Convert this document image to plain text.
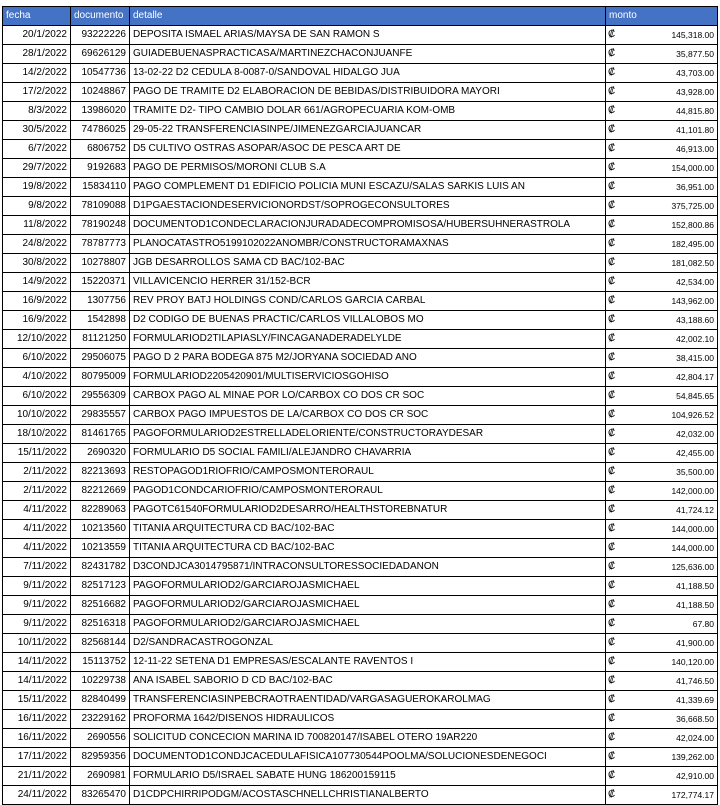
fecha	documento	detalle	monto
20/1/2022	93222226	DEPOSITA ISMAEL ARIAS/MAYSA DE SAN RAMON S	₡ 145,318.00

28/1/2022	69626129	GUIADEBUENASPRACTICASA/MARTINEZCHACONJUANFE	₡ 35,877.50

14/2/2022	10547736	13-02-22 D2 CEDULA 8-0087-0/SANDOVAL HIDALGO JUA	₡ 43,703.00

17/2/2022	10248867	PAGO DE TRAMITE D2 ELABORACION DE BEBIDAS/DISTRIBUIDORA MAYORI	₡ 43,928.00

8/3/2022	13986020	TRAMITE D2- TIPO CAMBIO DOLAR 661/AGROPECUARIA KOM-OMB	₡ 44,815.80

30/5/2022	74786025	29-05-22 TRANSFERENCIASINPE/JIMENEZGARCIAJUANCAR	₡ 41,101.80

6/7/2022	6806752	D5 CULTIVO OSTRAS ASOPAR/ASOC DE PESCA ART DE	₡ 46,913.00

29/7/2022	9192683	PAGO DE PERMISOS/MORONI CLUB S.A	₡ 154,000.00

19/8/2022	15834110	PAGO COMPLEMENT D1 EDIFICIO POLICIA MUNI ESCAZU/SALAS SARKIS LUIS AN	₡ 36,951.00

9/8/2022	78109088	D1PGAESTACIONDESERVICIONORDST/SOPROGECONSULTORES	₡ 375,725.00

11/8/2022	78190248	DOCUMENTOD1CONDECLARACIONJURADADECOMPROMISOSA/HUBERSUHNERASTROLA	₡ 152,800.86

24/8/2022	78787773	PLANOCATASTRO5199102022ANOMBR/CONSTRUCTORAMAXNAS	₡ 182,495.00

30/8/2022	10278807	JGB DESARROLLOS SAMA CD BAC/102-BAC	₡ 181,082.50

14/9/2022	15220371	VILLAVICENCIO HERRER 31/152-BCR	₡ 42,534.00

16/9/2022	1307756	REV PROY BATJ HOLDINGS COND/CARLOS GARCIA CARBAL	₡ 143,962.00

16/9/2022	1542898	D2 CODIGO DE BUENAS PRACTIC/CARLOS VILLALOBOS MO	₡ 43,188.60

12/10/2022	81121250	FORMULARIOD2TILAPIASLY/FINCAGANADERADELYLDE	₡ 42,002.10

6/10/2022	29506075	PAGO D 2 PARA BODEGA 875 M2/JORYANA SOCIEDAD ANO	₡ 38,415.00

4/10/2022	80795009	FORMULARIOD2205420901/MULTISERVICIOSGOHISO	₡ 42,804.17

6/10/2022	29556309	CARBOX PAGO AL MINAE POR LO/CARBOX CO DOS CR SOC	₡ 54,845.65

10/10/2022	29835557	CARBOX PAGO IMPUESTOS DE LA/CARBOX CO DOS CR SOC	₡ 104,926.52

18/10/2022	81461765	PAGOFORMULARIOD2ESTRELLADELORIENTE/CONSTRUCTORAYDESAR	₡ 42,032.00

15/11/2022	2690320	FORMULARIO D5 SOCIAL FAMILI/ALEJANDRO CHAVARRIA	₡ 42,455.00

2/11/2022	82213693	RESTOPAGOD1RIOFRIO/CAMPOSMONTERORAUL	₡ 35,500.00

2/11/2022	82212669	PAGOD1CONDCARIOFRIO/CAMPOSMONTERORAUL	₡ 142,000.00

4/11/2022	82289063	PAGOTC61540FORMULARIOD2DESARRO/HEALTHSTOREBNATUR	₡ 41,724.12

4/11/2022	10213560	TITANIA ARQUITECTURA CD BAC/102-BAC	₡ 144,000.00

4/11/2022	10213559	TITANIA ARQUITECTURA CD BAC/102-BAC	₡ 144,000.00

7/11/2022	82431782	D3CONDJCA3014795871/INTRACONSULTORESSOCIEDADANON	₡ 125,636.00

9/11/2022	82517123	PAGOFORMULARIOD2/GARCIAROJASMICHAEL	₡ 41,188.50

9/11/2022	82516682	PAGOFORMULARIOD2/GARCIAROJASMICHAEL	₡ 41,188.50

9/11/2022	82516318	PAGOFORMULARIOD2/GARCIAROJASMICHAEL	₡ 67.80

10/11/2022	82568144	D2/SANDRACASTROGONZAL	₡ 41,900.00

14/11/2022	15113752	12-11-22 SETENA D1 EMPRESAS/ESCALANTE RAVENTOS I	₡ 140,120.00

14/11/2022	10229738	ANA ISABEL SABORIO D CD BAC/102-BAC	₡ 41,746.50

15/11/2022	82840499	TRANSFERENCIASINPEBCRAOTRAENTIDAD/VARGASAGUEROKAROLMAG	₡ 41,339.69

16/11/2022	23229162	PROFORMA 1642/DISENOS HIDRAULICOS	₡ 36,668.50

16/11/2022	2690556	SOLICITUD CONCECION MARINA ID 700820147/ISABEL OTERO 19AR220	₡ 42,024.00

17/11/2022	82959356	DOCUMENTOD1CONDJCACEDULAFISICA107730544POOLMA/SOLUCIONESDENEGOCI	₡ 139,262.00

21/11/2022	2690981	FORMULARIO D5/ISRAEL SABATE HUNG 186200159115	₡ 42,910.00

24/11/2022	83265470	D1CDPCHIRRIPODGM/ACOSTASCHNELLCHRISTIANALBERTO	₡ 172,774.17
